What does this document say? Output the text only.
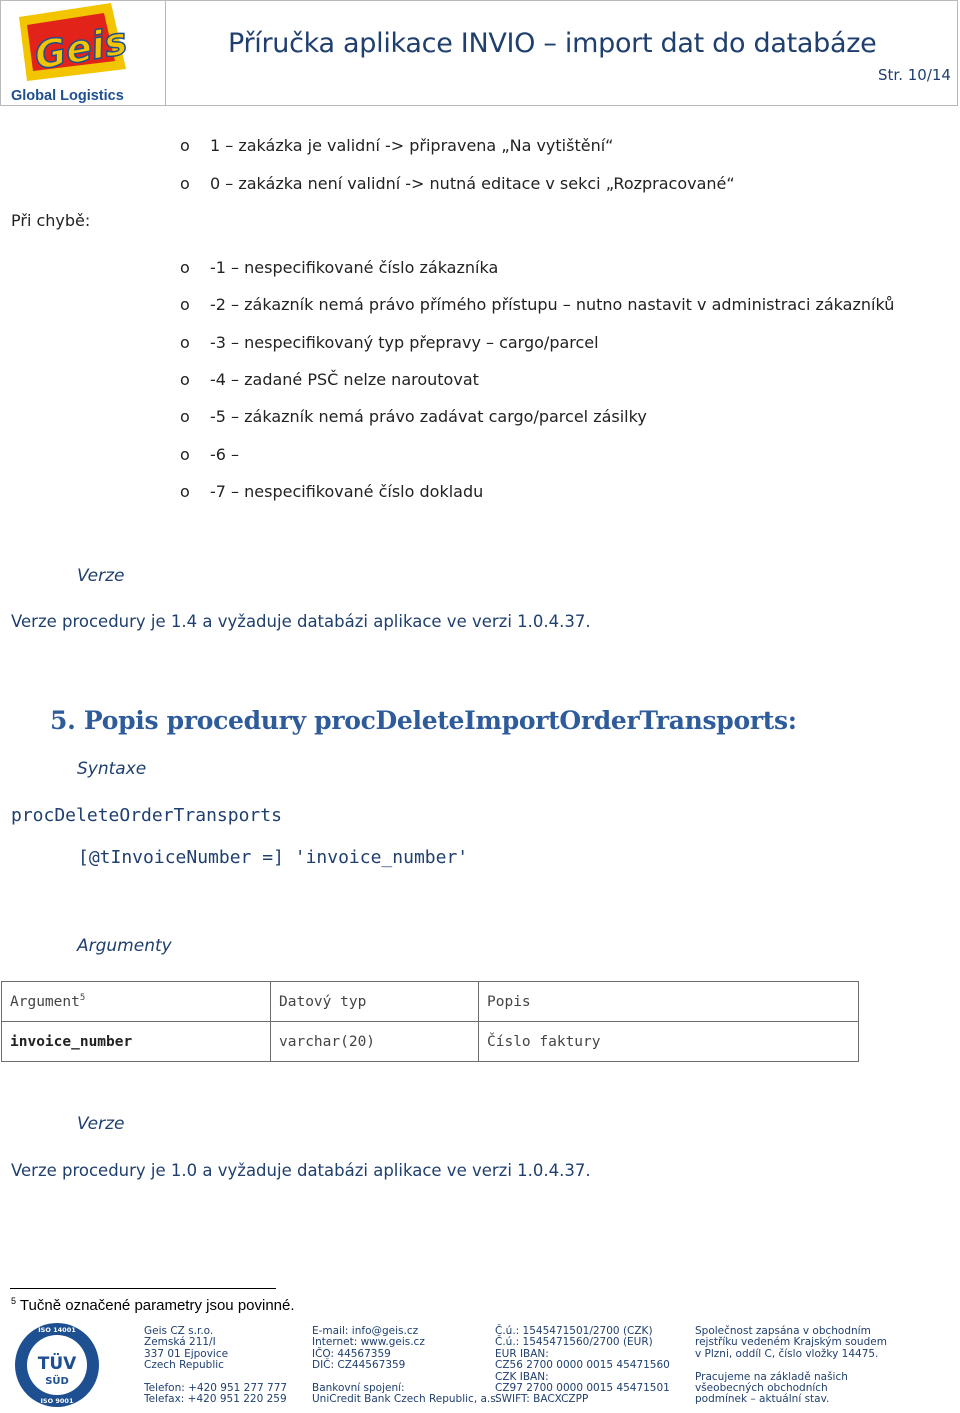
Geis
Global Logistics
Příručka aplikace INVIO – import dat do databáze
Str. 10/14
o 1 – zakázka je validní -> připravena „Na vytištění“
o 0 – zakázka není validní -> nutná editace v sekci „Rozpracované“
Při chybě:
o -1 – nespecifikované číslo zákazníka
o -2 – zákazník nemá právo přímého přístupu – nutno nastavit v administraci zákazníků
o -3 – nespecifikovaný typ přepravy – cargo/parcel
o -4 – zadané PSČ nelze naroutovat
o -5 – zákazník nemá právo zadávat cargo/parcel zásilky
o -6 –
o -7 – nespecifikované číslo dokladu
Verze
Verze procedury je 1.4 a vyžaduje databázi aplikace ve verzi 1.0.4.37.
5. Popis procedury procDeleteImportOrderTransports:
Syntaxe
procDeleteOrderTransports
[@tInvoiceNumber =] 'invoice_number'
Argumenty
Argument$^5$	Datový typ	Popis
invoice_number	varchar(20)	Číslo faktury
Verze
Verze procedury je 1.0 a vyžaduje databázi aplikace ve verzi 1.0.4.37.
$^5$ Tučně označené parametry jsou povinné.
ISO 14001
TÜV
SÜD
ISO 9001
Geis CZ s.r.o.
Zemská 211/I
337 01 Ejpovice
Czech Republic
Telefon: +420 951 277 777
Telefax: +420 951 220 259
E-mail: info@geis.cz
Internet: www.geis.cz
IČO: 44567359
DIČ: CZ44567359
Bankovní spojení:
UniCredit Bank Czech Republic, a.s.
Č.ú.: 1545471501/2700 (CZK)
Č.ú.: 1545471560/2700 (EUR)
EUR IBAN:
CZ56 2700 0000 0015 45471560
CZK IBAN:
CZ97 2700 0000 0015 45471501
SWIFT: BACXCZPP
Společnost zapsána v obchodním
rejstříku vedeném Krajským soudem
v Plzni, oddíl C, číslo vložky 14475.
Pracujeme na základě našich
všeobecných obchodních
podmínek – aktuální stav.
